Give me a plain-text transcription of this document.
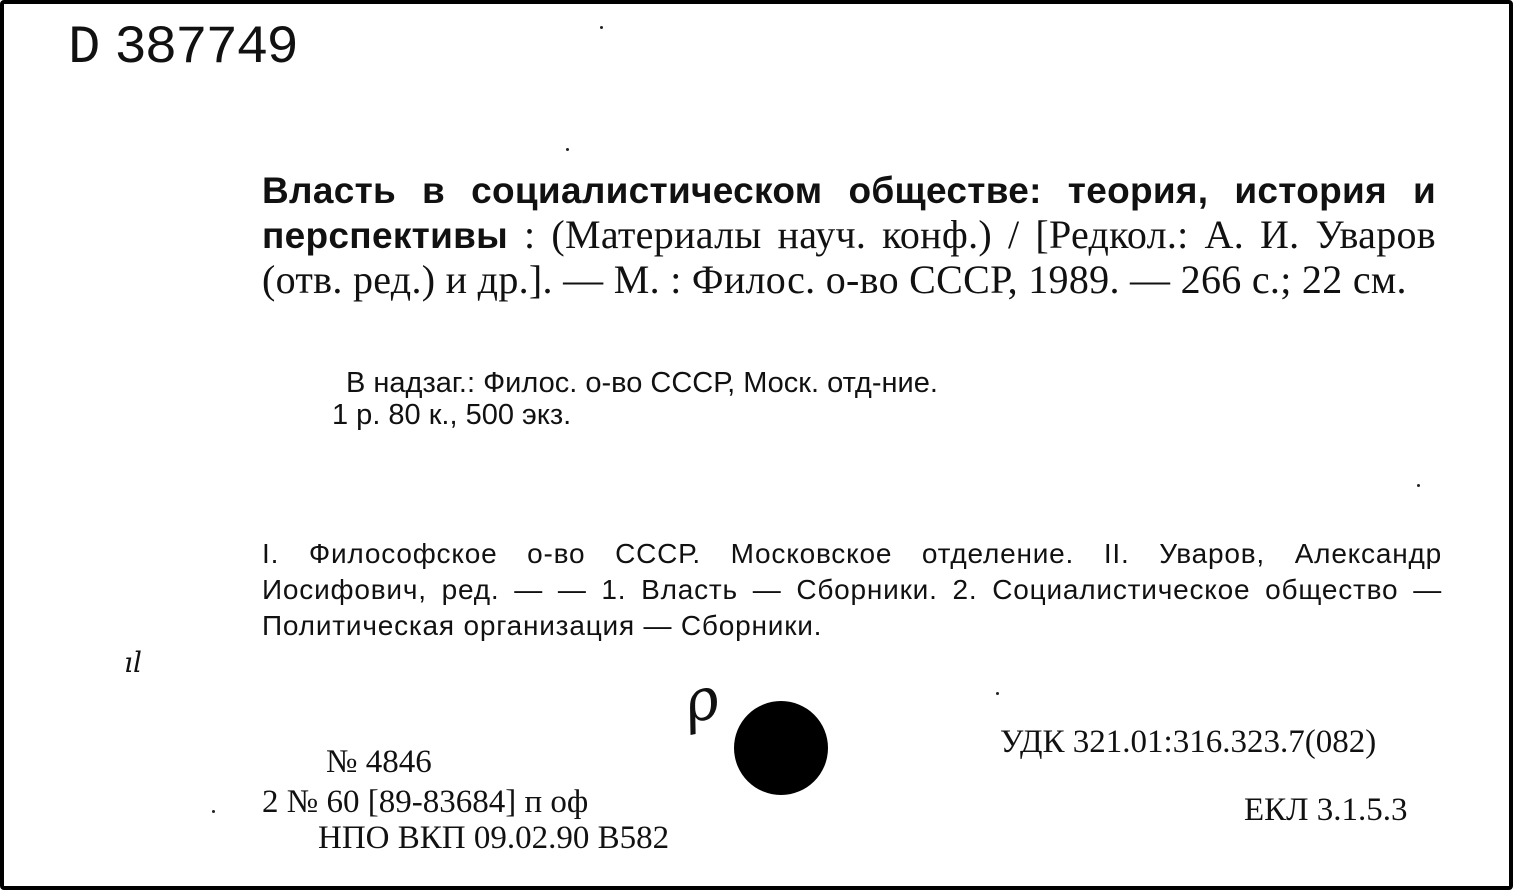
D 387749
Власть в социалистическом обществе: теория, история и перспективы : (Материалы науч. конф.) / [Редкол.: А. И. Уваров (отв. ред.) и др.]. — М. : Филос. о-во СССР, 1989. — 266 с.; 22 см.
В надзаг.: Филос. о-во СССР, Моск. отд-ние.
1 р. 80 к., 500 экз.
I. Философское о-во СССР. Московское отделение. II. Уваров, Александр Иосифович, ред. — — 1. Власть — Сборники. 2. Социалистическое общество — Политическая организация — Сборники.
ıl
ρ
УДК 321.01:316.323.7(082)
ЕКЛ 3.1.5.3
№ 4846
2 № 60 [89-83684] п оф
НПО ВКП 09.02.90 В582
